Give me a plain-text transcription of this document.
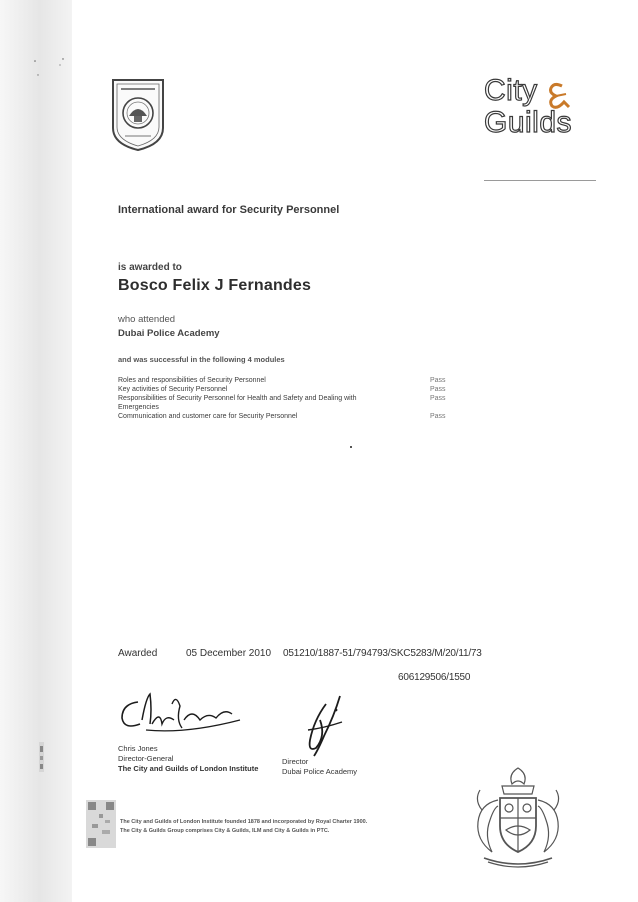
City
Guilds
International award for Security Personnel
is awarded to
Bosco Felix J Fernandes
who attended
Dubai Police Academy
and was successful in the following 4 modules
Roles and responsibilities of Security Personnel	Pass
Key activities of Security Personnel	Pass
Responsibilities of Security Personnel for Health and Safety and Dealing with Emergencies
Pass
Communication and customer care for Security Personnel	Pass
Awarded	05 December 2010 051210/1887-51/794793/SKC5283/M/20/11/73
606129506/1550
Chris Jones
Director-General
The City and Guilds of London Institute
Director
Dubai Police Academy
The City and Guilds of London Institute founded 1878 and incorporated by Royal Charter 1900.
The City & Guilds Group comprises City & Guilds, ILM and City & Guilds in PTC.
